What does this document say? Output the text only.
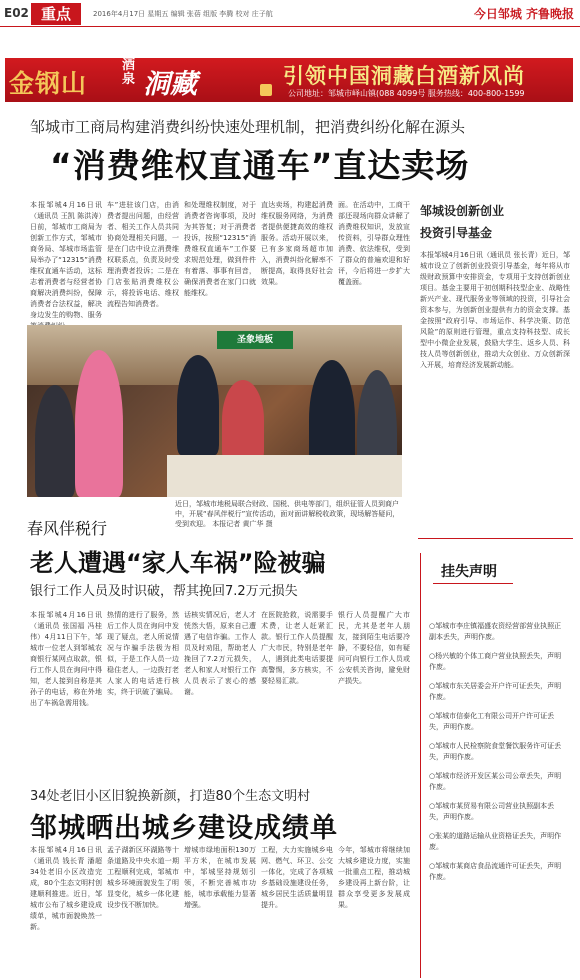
E02 重点	2016年4月17日 星期五 编辑 张蓓 组版 李腾 校对 庄子航	今日邹城 齐鲁晚报
金钢山
酒泉 洞藏	引领中国洞藏白酒新风尚
公司地址：邹城市峄山镇(088 4099号 服务热线：400-800-1599
邹城市工商局构建消费纠纷快速处理机制，把消费纠纷化解在源头
“消费维权直通车”直达卖场
本报邹城4月16日讯（通讯员 王凯 陈洪涛）日前，邹城市工商局为创新工作方式，邹城市商务局、邹城市场监管局举办了“12315”消费维权直通车活动，这标志着消费者与经营者协商解决消费纠纷，保障消费者合法权益，解决身边发生的购物、服务
车”进驻该门店，由消费者提出问题，由经营者、相关工作人员共同协商处理相关问题，一是在门店中设立消费维权联系点，负责及时受理消费者投诉；二是在门店张贴消费维权公示，将投诉电话、维权流程告知消费者。
和处理维权制度，对于消费者咨询事项，及时为其答复；对于消费者投诉，按照“12315”消费维权直通车”工作要求规范处理，做到件件有着落、事事有回音，确保消费者在家门口就能维权。
直达卖场，构建起消费维权服务网络，为消费者提供便捷高效的维权服务。活动开展以来，已有多家商场超市加入，消费纠纷化解率不断提高，取得良好社会效果。
面。在活动中，工商干部还现场向群众讲解了消费维权知识，发放宣传资料，引导群众理性消费、依法维权，受到了群众的普遍欢迎和好评，今后将进一步扩大覆盖面。
圣象地板
春风伴税行
近日，邹城市地税局联合财政、国税、供电等部门，组织征管人员到商户中，开展“春风伴税行”宣传活动，面对面讲解税收政策，现场解答疑问，受到欢迎。 本报记者 黄广华 摄
邹城设创新创业
投资引导基金
本报邹城4月16日讯（通讯员 张长青）近日，邹城市设立了创新创业投资引导基金，每年将从市级财政预算中安排资金，专项用于支持创新创业项目。基金主要用于初创期科技型企业、战略性新兴产业、现代服务业等领域的投资，引导社会资本参与，为创新创业提供有力的资金支撑。基金按照“政府引导、市场运作、科学决策、防范风险”的原则进行管理，重点支持科技型、成长型中小微企业发展，鼓励大学生、返乡人员、科技人员等创新创业，推动大众创业、万众创新深入开展，培育经济发展新动能。
老人遭遇“家人车祸”险被骗
银行工作人员及时识破，帮其挽回7.2万元损失
本报邹城4月16日讯（通讯员 张国福 冯桂伟）4月11日下午，邹城市一位老人到邹城农商银行某网点取款，银行工作人员在询问中得知，老人接到自称是其孙子的电话，称在外地出了车祸急需用钱。
热情的进行了服务，然后工作人员在询问中发现了疑点，老人所说情况与诈骗手法极为相似，于是工作人员一边稳住老人，一边拨打老人家人的电话进行核实，终于识破了骗局。
话核实情况后，老人才恍然大悟，原来自己遭遇了电信诈骗。工作人员及时劝阻，帮助老人挽回了7.2万元损失，老人和家人对银行工作人员表示了衷心的感谢。
在医院抢救，说需要手术费，让老人赶紧汇款。银行工作人员提醒广大市民，特别是老年人，遇到此类电话要提高警惕，多方核实，不要轻易汇款。
银行人员提醒广大市民，尤其是老年人朋友，接到陌生电话要冷静，不要轻信，如有疑问可向银行工作人员或公安机关咨询，避免财产损失。
挂失声明
○邹城市李庄镇福盛农资经营部营业执照正副本丢失，声明作废。
○杨兴敏的个体工商户营业执照丢失，声明作废。
○邹城市东关居委会开户许可证丢失，声明作废。
○邹城市信泰化工有限公司开户许可证丢失，声明作废。
○邹城市人民检察院食堂餐饮服务许可证丢失，声明作废。
○邹城市经济开发区某公司公章丢失，声明作废。
○邹城市某贸易有限公司营业执照副本丢失，声明作废。
○张某的道路运输从业资格证丢失，声明作废。
○邹城市某商店食品流通许可证丢失，声明作废。
34处老旧小区旧貌换新颜，打造80个生态文明村
邹城晒出城乡建设成绩单
本报邹城4月16日讯（通讯员 钱长青 潘超 34处老旧小区改造完成，80个生态文明村创建顺利推进。近日，邹城市公布了城乡建设成绩单，城市面貌焕然一新。
孟子湖新区环湖路等十条道路及中央水道一期工程顺利完成，邹城市城乡环境面貌发生了明显变化，城乡一体化建设步伐不断加快。
增城市绿地面积130万平方米，在城市发展中，邹城坚持规划引领，不断完善城市功能，城市承载能力显著增强。
工程，大力实施城乡电网、燃气、环卫、公交一体化，完成了各项城乡基础设施建设任务，城乡居民生活质量明显提升。
今年，邹城市将继续加大城乡建设力度，实施一批重点工程，推动城乡建设再上新台阶，让群众享受更多发展成果。
